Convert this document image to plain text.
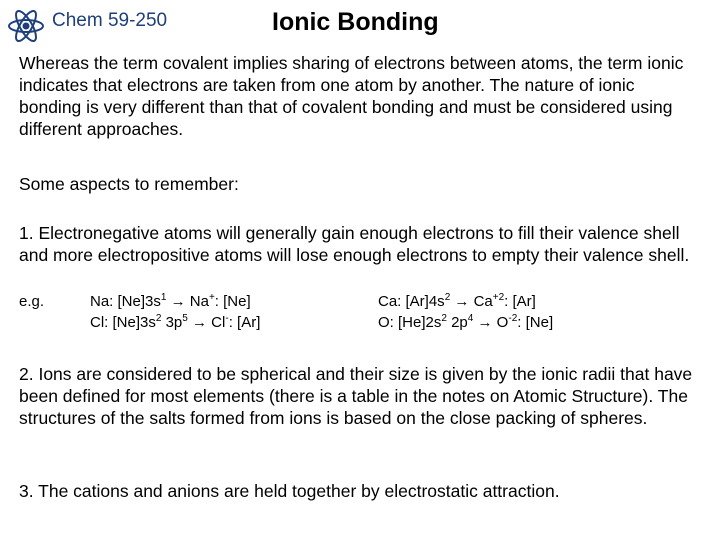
Chem 59-250	Ionic Bonding
Whereas the term covalent implies sharing of electrons between atoms, the term ionic indicates that electrons are taken from one atom by another. The nature of ionic bonding is very different than that of covalent bonding and must be considered using different approaches.
Some aspects to remember:
1. Electronegative atoms will generally gain enough electrons to fill their valence shell and more electropositive atoms will lose enough electrons to empty their valence shell.
e.g.	Na: $[Ne]3s^1 \to Na^+$: [Ne]
Cl: $[Ne]3s^2$ $3p^5 \to Cl^-$: [Ar]
Ca: $[Ar]4s^2 \to Ca^{+2}$: [Ar]
O: $[He]2s^2$ $2p^4 \to O^{-2}$: [Ne]
2. Ions are considered to be spherical and their size is given by the ionic radii that have been defined for most elements (there is a table in the notes on Atomic Structure). The structures of the salts formed from ions is based on the close packing of spheres.
3. The cations and anions are held together by electrostatic attraction.
